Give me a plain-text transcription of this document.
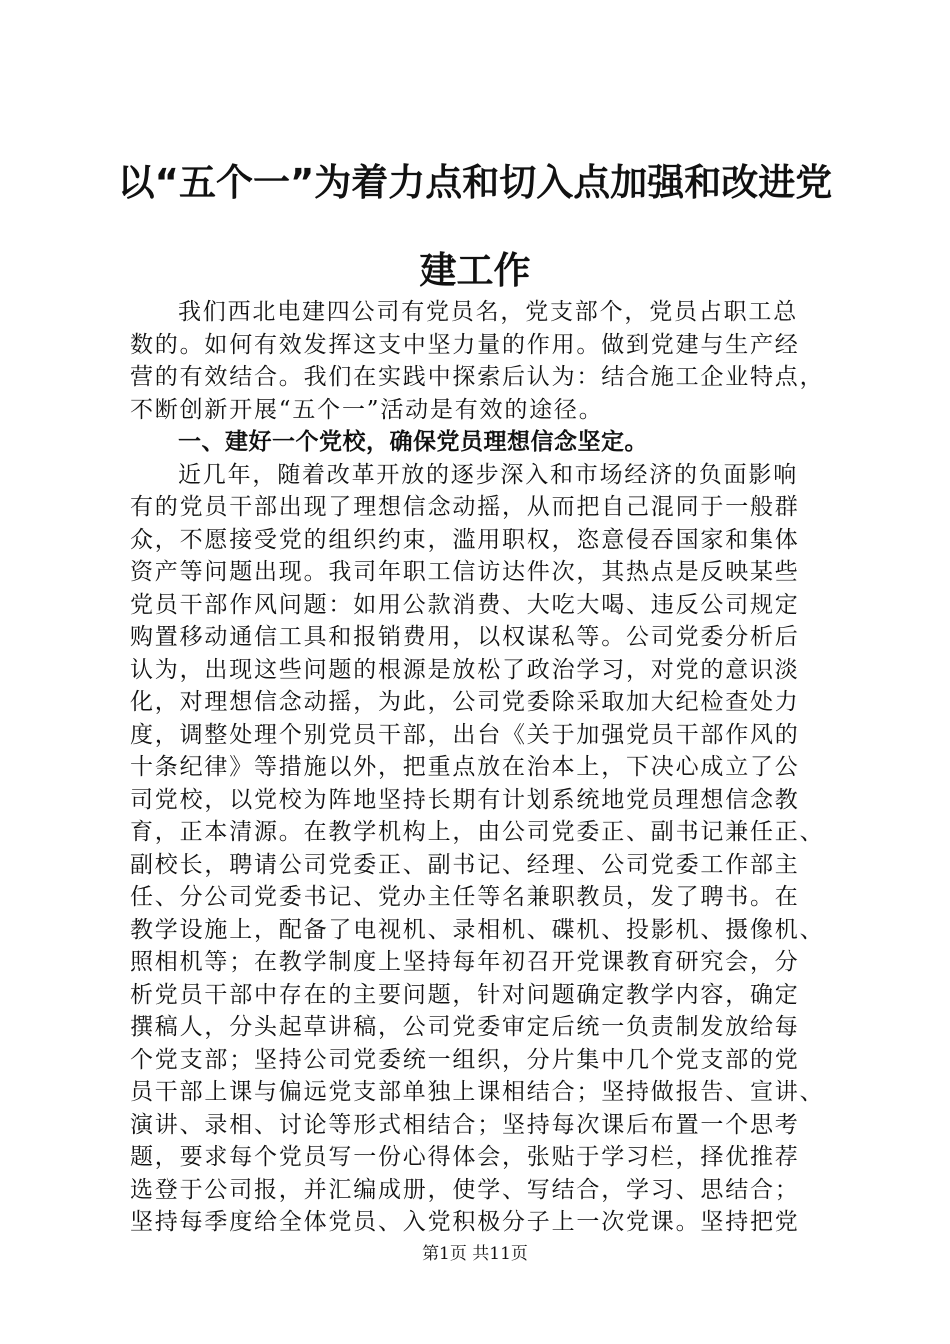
以“五个一”为着力点和切入点加强和改进党
建工作
我们西北电建四公司有党员名，党支部个，党员占职工总
数的。如何有效发挥这支中坚力量的作用。做到党建与生产经
营的有效结合。我们在实践中探索后认为：结合施工企业特点，
不断创新开展“五个一”活动是有效的途径。
一、建好一个党校，确保党员理想信念坚定。
近几年，随着改革开放的逐步深入和市场经济的负面影响
有的党员干部出现了理想信念动摇，从而把自己混同于一般群
众，不愿接受党的组织约束，滥用职权，恣意侵吞国家和集体
资产等问题出现。我司年职工信访达件次，其热点是反映某些
党员干部作风问题：如用公款消费、大吃大喝、违反公司规定
购置移动通信工具和报销费用，以权谋私等。公司党委分析后
认为，出现这些问题的根源是放松了政治学习，对党的意识淡
化，对理想信念动摇，为此，公司党委除采取加大纪检查处力
度，调整处理个别党员干部，出台《关于加强党员干部作风的
十条纪律》等措施以外，把重点放在治本上，下决心成立了公
司党校，以党校为阵地坚持长期有计划系统地党员理想信念教
育，正本清源。在教学机构上，由公司党委正、副书记兼任正、
副校长，聘请公司党委正、副书记、经理、公司党委工作部主
任、分公司党委书记、党办主任等名兼职教员，发了聘书。在
教学设施上，配备了电视机、录相机、碟机、投影机、摄像机、
照相机等；在教学制度上坚持每年初召开党课教育研究会，分
析党员干部中存在的主要问题，针对问题确定教学内容，确定
撰稿人，分头起草讲稿，公司党委审定后统一负责制发放给每
个党支部；坚持公司党委统一组织，分片集中几个党支部的党
员干部上课与偏远党支部单独上课相结合；坚持做报告、宣讲、
演讲、录相、讨论等形式相结合；坚持每次课后布置一个思考
题，要求每个党员写一份心得体会，张贴于学习栏，择优推荐
选登于公司报，并汇编成册，使学、写结合，学习、思结合；
坚持每季度给全体党员、入党积极分子上一次党课。坚持把党
第1页 共11页
